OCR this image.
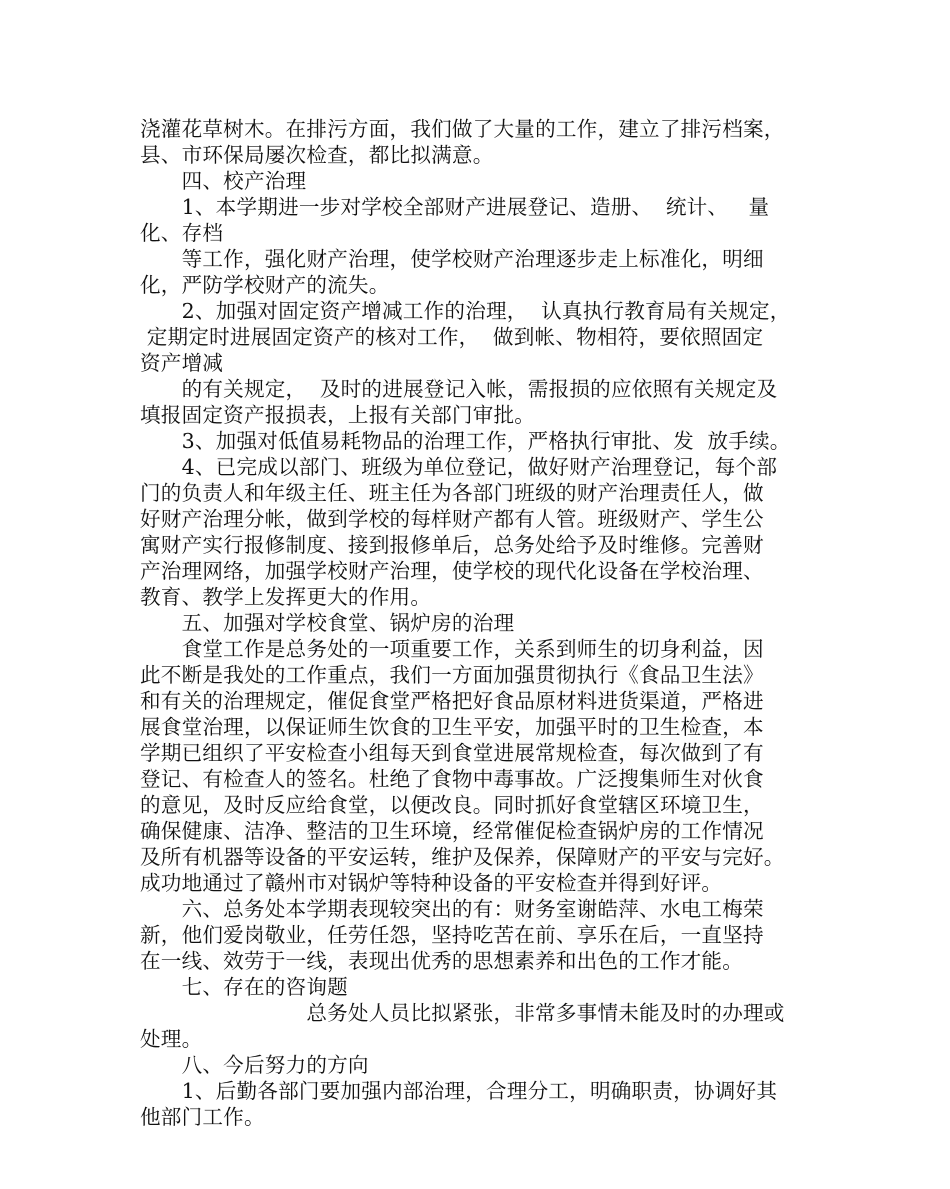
浇灌花草树木。在排污方面，我们做了大量的工作，建立了排污档案，
县、市环保局屡次检查，都比拟满意。
　　四、校产治理
　　1、本学期进一步对学校全部财产进展登记、造册、  统计、   量
化、存档
　　等工作，强化财产治理，使学校财产治理逐步走上标准化，明细
化，严防学校财产的流失。
　　2、加强对固定资产增减工作的治理，  认真执行教育局有关规定，
定期定时进展固定资产的核对工作，  做到帐、物相符，要依照固定
资产增减
　　的有关规定，  及时的进展登记入帐，需报损的应依照有关规定及
填报固定资产报损表，上报有关部门审批。
　　3、加强对低值易耗物品的治理工作，严格执行审批、发  放手续。
　　4、已完成以部门、班级为单位登记，做好财产治理登记，每个部
门的负责人和年级主任、班主任为各部门班级的财产治理责任人，做
好财产治理分帐，做到学校的每样财产都有人管。班级财产、学生公
寓财产实行报修制度、接到报修单后，总务处给予及时维修。完善财
产治理网络，加强学校财产治理，使学校的现代化设备在学校治理、
教育、教学上发挥更大的作用。
　　五、加强对学校食堂、锅炉房的治理
　　食堂工作是总务处的一项重要工作，关系到师生的切身利益，因
此不断是我处的工作重点，我们一方面加强贯彻执行《食品卫生法》
和有关的治理规定，催促食堂严格把好食品原材料进货渠道，严格进
展食堂治理，以保证师生饮食的卫生平安，加强平时的卫生检查，本
学期已组织了平安检查小组每天到食堂进展常规检查，每次做到了有
登记、有检查人的签名。杜绝了食物中毒事故。广泛搜集师生对伙食
的意见，及时反应给食堂，以便改良。同时抓好食堂辖区环境卫生，
确保健康、洁净、整洁的卫生环境，经常催促检查锅炉房的工作情况
及所有机器等设备的平安运转，维护及保养，保障财产的平安与完好。
成功地通过了赣州市对锅炉等特种设备的平安检查并得到好评。
　　六、总务处本学期表现较突出的有：财务室谢皓萍、水电工梅荣
新，他们爱岗敬业，任劳任怨，坚持吃苦在前、享乐在后，一直坚持
在一线、效劳于一线，表现出优秀的思想素养和出色的工作才能。
　　七、存在的咨询题
　　　　　　　　总务处人员比拟紧张，非常多事情未能及时的办理或
处理。
　　八、今后努力的方向
　　1、后勤各部门要加强内部治理，合理分工，明确职责，协调好其
他部门工作。
